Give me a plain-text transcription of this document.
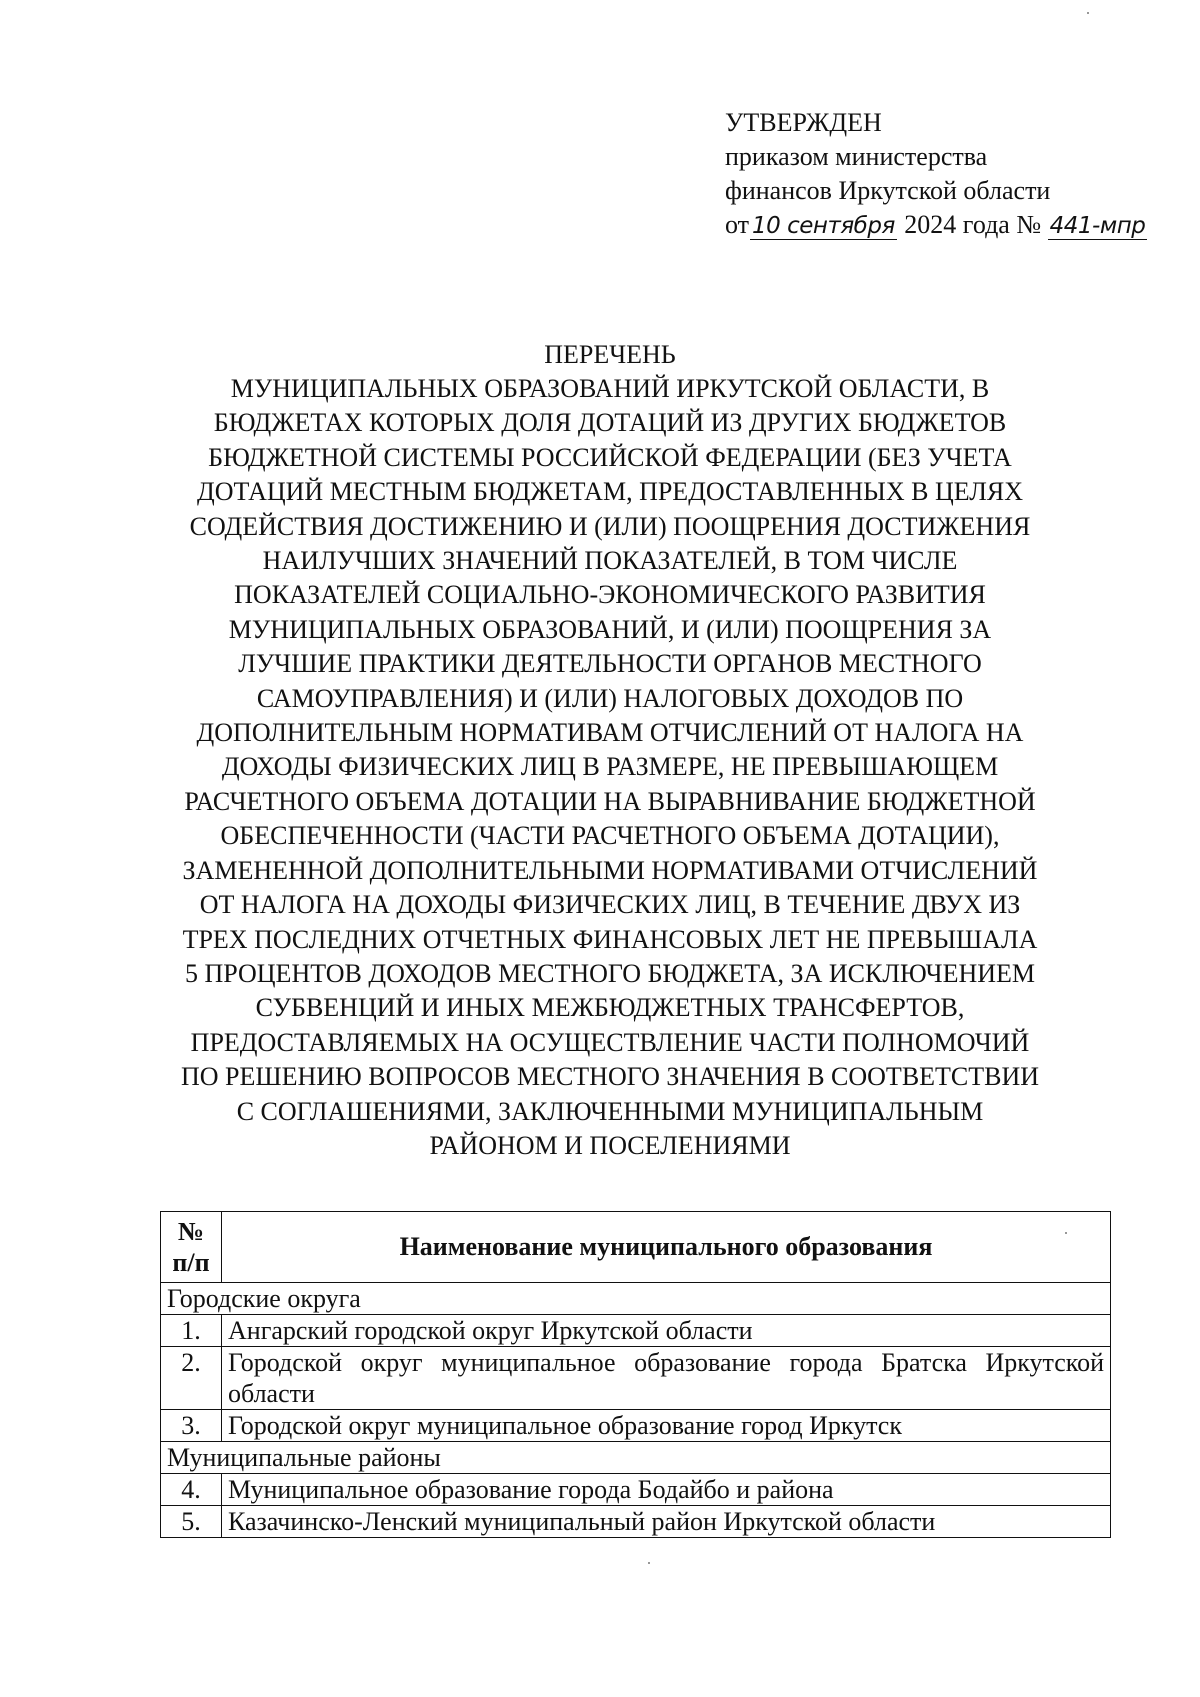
УТВЕРЖДЕН
приказом министерства
финансов Иркутской области
от 10 сентября 2024 года № 441-мпр
ПЕРЕЧЕНЬ
МУНИЦИПАЛЬНЫХ ОБРАЗОВАНИЙ ИРКУТСКОЙ ОБЛАСТИ, В
БЮДЖЕТАХ КОТОРЫХ ДОЛЯ ДОТАЦИЙ ИЗ ДРУГИХ БЮДЖЕТОВ
БЮДЖЕТНОЙ СИСТЕМЫ РОССИЙСКОЙ ФЕДЕРАЦИИ (БЕЗ УЧЕТА
ДОТАЦИЙ МЕСТНЫМ БЮДЖЕТАМ, ПРЕДОСТАВЛЕННЫХ В ЦЕЛЯХ
СОДЕЙСТВИЯ ДОСТИЖЕНИЮ И (ИЛИ) ПООЩРЕНИЯ ДОСТИЖЕНИЯ
НАИЛУЧШИХ ЗНАЧЕНИЙ ПОКАЗАТЕЛЕЙ, В ТОМ ЧИСЛЕ
ПОКАЗАТЕЛЕЙ СОЦИАЛЬНО-ЭКОНОМИЧЕСКОГО РАЗВИТИЯ
МУНИЦИПАЛЬНЫХ ОБРАЗОВАНИЙ, И (ИЛИ) ПООЩРЕНИЯ ЗА
ЛУЧШИЕ ПРАКТИКИ ДЕЯТЕЛЬНОСТИ ОРГАНОВ МЕСТНОГО
САМОУПРАВЛЕНИЯ) И (ИЛИ) НАЛОГОВЫХ ДОХОДОВ ПО
ДОПОЛНИТЕЛЬНЫМ НОРМАТИВАМ ОТЧИСЛЕНИЙ ОТ НАЛОГА НА
ДОХОДЫ ФИЗИЧЕСКИХ ЛИЦ В РАЗМЕРЕ, НЕ ПРЕВЫШАЮЩЕМ
РАСЧЕТНОГО ОБЪЕМА ДОТАЦИИ НА ВЫРАВНИВАНИЕ БЮДЖЕТНОЙ
ОБЕСПЕЧЕННОСТИ (ЧАСТИ РАСЧЕТНОГО ОБЪЕМА ДОТАЦИИ),
ЗАМЕНЕННОЙ ДОПОЛНИТЕЛЬНЫМИ НОРМАТИВАМИ ОТЧИСЛЕНИЙ
ОТ НАЛОГА НА ДОХОДЫ ФИЗИЧЕСКИХ ЛИЦ, В ТЕЧЕНИЕ ДВУХ ИЗ
ТРЕХ ПОСЛЕДНИХ ОТЧЕТНЫХ ФИНАНСОВЫХ ЛЕТ НЕ ПРЕВЫШАЛА
5 ПРОЦЕНТОВ ДОХОДОВ МЕСТНОГО БЮДЖЕТА, ЗА ИСКЛЮЧЕНИЕМ
СУБВЕНЦИЙ И ИНЫХ МЕЖБЮДЖЕТНЫХ ТРАНСФЕРТОВ,
ПРЕДОСТАВЛЯЕМЫХ НА ОСУЩЕСТВЛЕНИЕ ЧАСТИ ПОЛНОМОЧИЙ
ПО РЕШЕНИЮ ВОПРОСОВ МЕСТНОГО ЗНАЧЕНИЯ В СООТВЕТСТВИИ
С СОГЛАШЕНИЯМИ, ЗАКЛЮЧЕННЫМИ МУНИЦИПАЛЬНЫМ
РАЙОНОМ И ПОСЕЛЕНИЯМИ
№ п/п	Наименование муниципального образования
Городские округа	
1.	Ангарский городской округ Иркутской области
2.	Городской округ муниципальное образование города Братска Иркутской области
3.	Городской округ муниципальное образование город Иркутск
Муниципальные районы	
4.	Муниципальное образование города Бодайбо и района
5.	Казачинско-Ленский муниципальный район Иркутской области
